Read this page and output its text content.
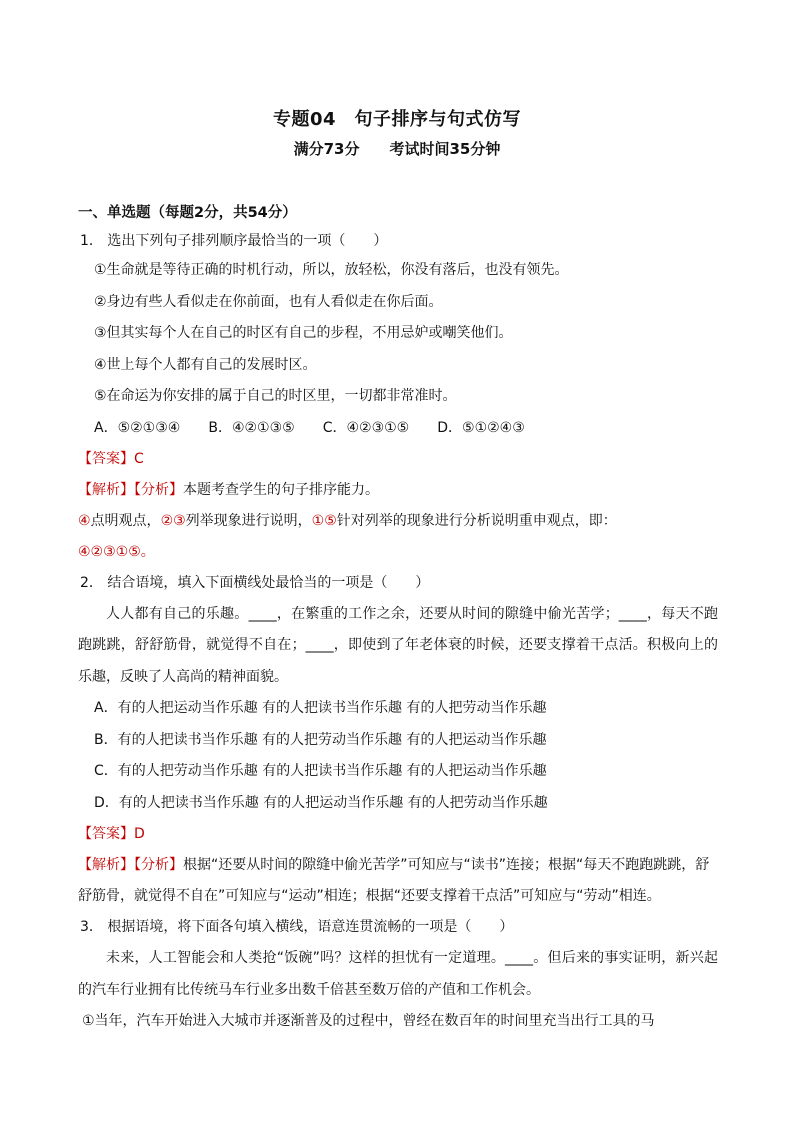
专题04　句子排序与句式仿写
满分73分 考试时间35分钟
一、单选题（每题2分，共54分）
1． 选出下列句子排列顺序最恰当的一项（　　）
①生命就是等待正确的时机行动，所以，放轻松，你没有落后，也没有领先。
②身边有些人看似走在你前面，也有人看似走在你后面。
③但其实每个人在自己的时区有自己的步程，不用忌妒或嘲笑他们。
④世上每个人都有自己的发展时区。
⑤在命运为你安排的属于自己的时区里，一切都非常准时。
A．⑤②①③④ B．④②①③⑤ C．④②③①⑤ D．⑤①②④③
【答案】C
【解析】【分析】本题考查学生的句子排序能力。
④点明观点，②③列举现象进行说明，①⑤针对列举的现象进行分析说明重申观点，即：
④②③①⑤。
2． 结合语境，填入下面横线处最恰当的一项是（　　）
人人都有自己的乐趣。____，在繁重的工作之余，还要从时间的隙缝中偷光苦学；____，每天不跑跑跳跳，舒舒筋骨，就觉得不自在；____，即使到了年老体衰的时候，还要支撑着干点活。积极向上的乐趣，反映了人高尚的精神面貌。
A．有的人把运动当作乐趣 有的人把读书当作乐趣 有的人把劳动当作乐趣
B．有的人把读书当作乐趣 有的人把劳动当作乐趣 有的人把运动当作乐趣
C．有的人把劳动当作乐趣 有的人把读书当作乐趣 有的人把运动当作乐趣
D．有的人把读书当作乐趣 有的人把运动当作乐趣 有的人把劳动当作乐趣
【答案】D
【解析】【分析】根据“还要从时间的隙缝中偷光苦学”可知应与“读书”连接；根据“每天不跑跑跳跳，舒舒筋骨，就觉得不自在”可知应与“运动”相连；根据“还要支撑着干点活”可知应与“劳动”相连。
3． 根据语境，将下面各句填入横线，语意连贯流畅的一项是（　　）
未来，人工智能会和人类抢“饭碗”吗？这样的担忧有一定道理。____。但后来的事实证明，新兴起的汽车行业拥有比传统马车行业多出数千倍甚至数万倍的产值和工作机会。
①当年，汽车开始进入大城市并逐渐普及的过程中，曾经在数百年的时间里充当出行工具的马
